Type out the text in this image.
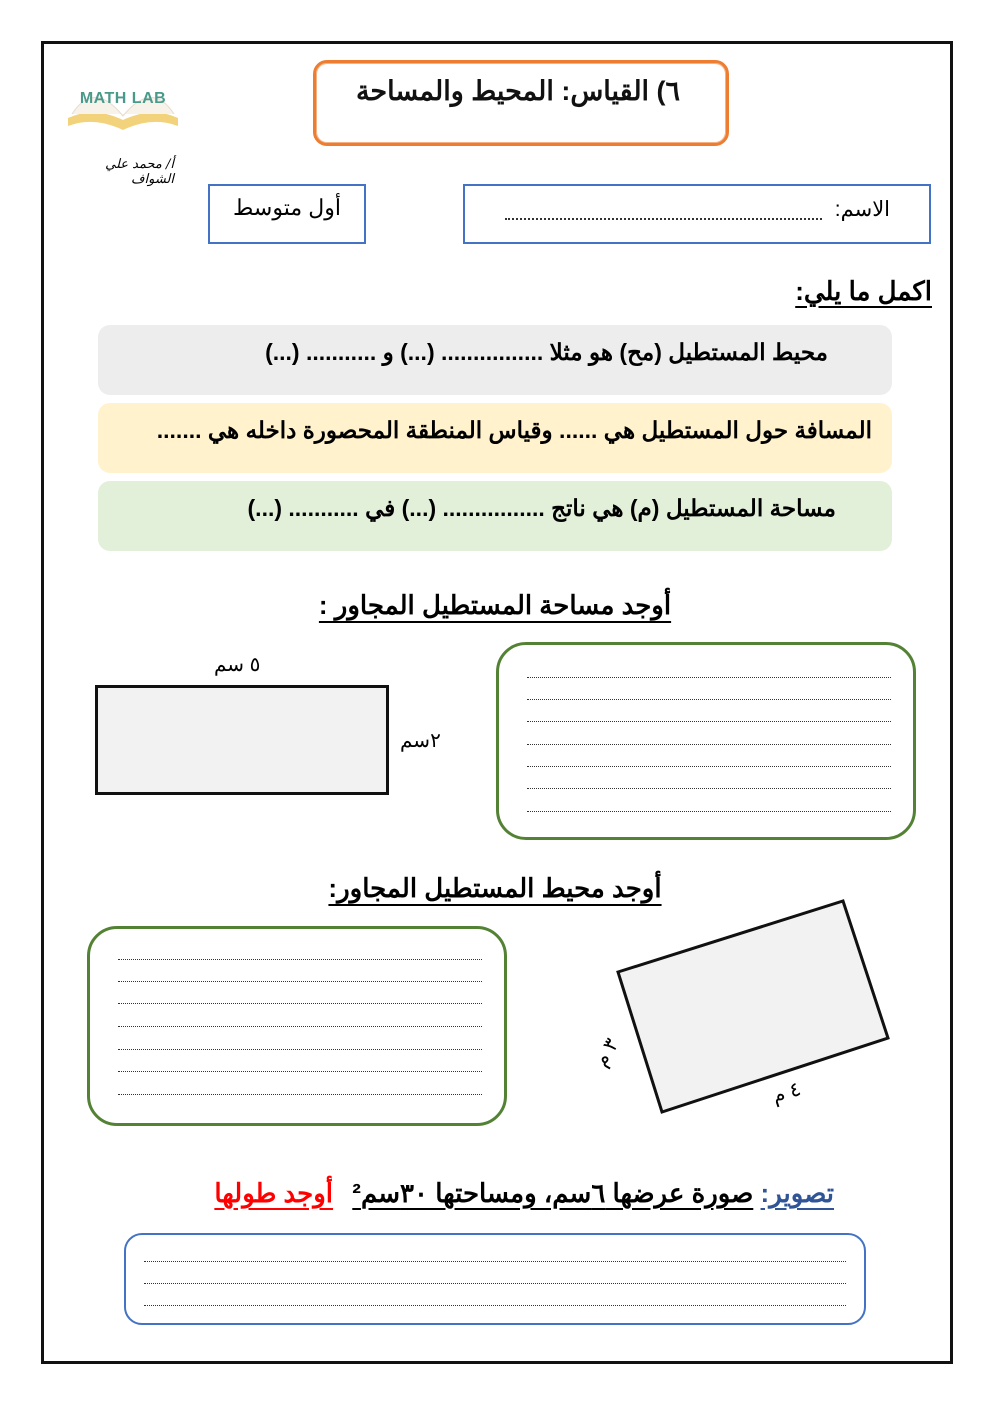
MATH LAB
أ/ محمد علي الشواف
٦) القياس: المحيط والمساحة
أول متوسط	الاسم:
اكمل ما يلي:
محيط المستطيل (مح) هو مثلا ................ (...) و ........... (...)
المسافة حول المستطيل هي ...... وقياس المنطقة المحصورة داخله هي .......
مساحة المستطيل (م) هي ناتج ................ (...) في ........... (...)
أوجد مساحة المستطيل المجاور :
٥ سم
٢سم
أوجد محيط المستطيل المجاور:
٣ م
٤ م
تصوير: صورة عرضها ٦سم، ومساحتها ٣٠سم² أوجد طولها
